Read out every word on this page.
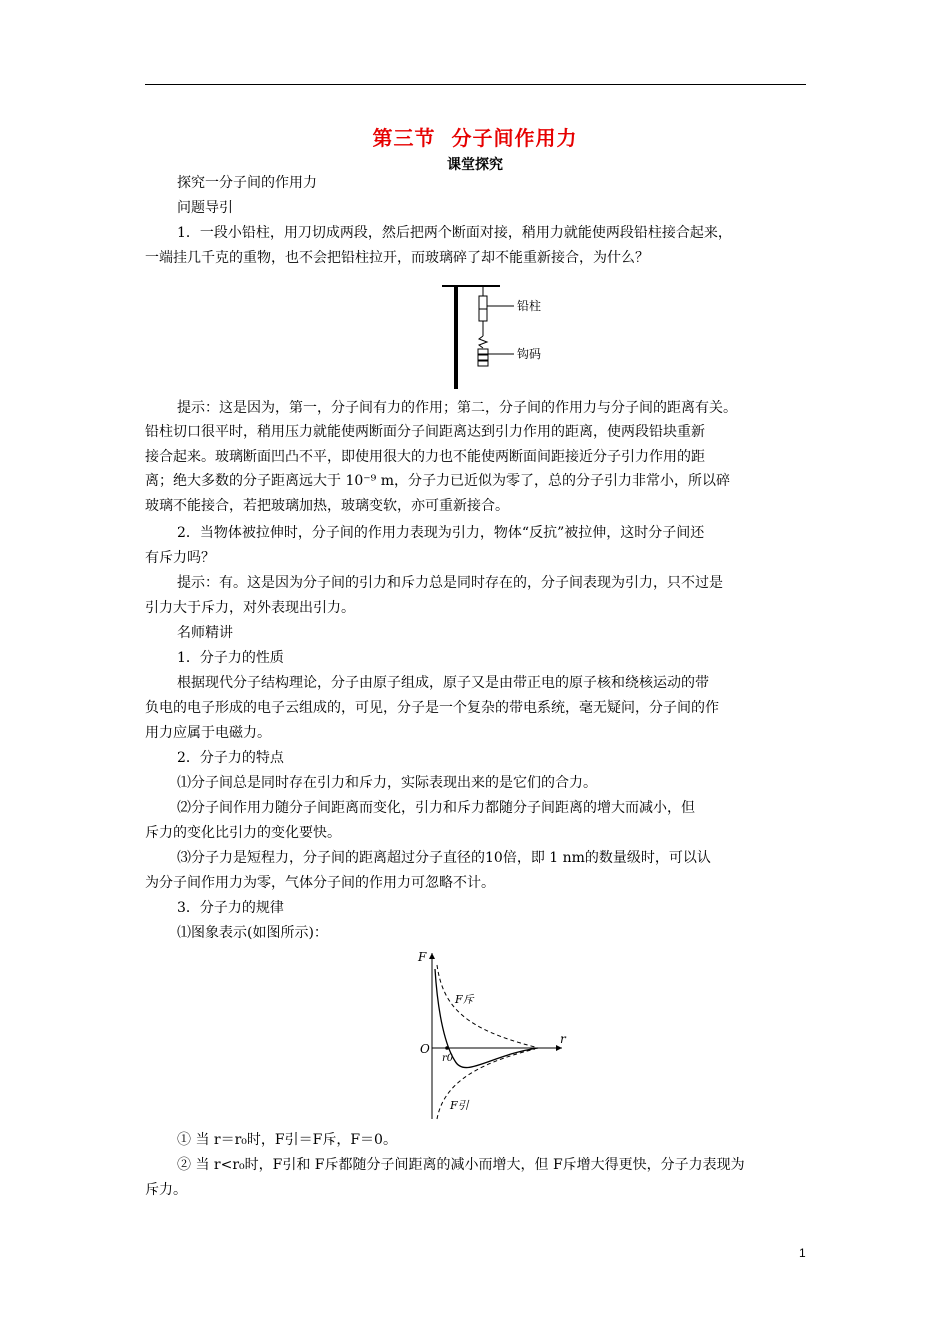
第三节  分子间作用力
课堂探究
探究一分子间的作用力
问题导引
1．一段小铅柱，用刀切成两段，然后把两个断面对接，稍用力就能使两段铅柱接合起来，
一端挂几千克的重物，也不会把铅柱拉开，而玻璃碎了却不能重新接合，为什么？
铅柱
钩码
提示：这是因为，第一，分子间有力的作用；第二，分子间的作用力与分子间的距离有关。
铅柱切口很平时，稍用压力就能使两断面分子间距离达到引力作用的距离，使两段铅块重新
接合起来。玻璃断面凹凸不平，即使用很大的力也不能使两断面间距接近分子引力作用的距
离；绝大多数的分子距离远大于 10⁻⁹ m，分子力已近似为零了，总的分子引力非常小，所以碎
玻璃不能接合，若把玻璃加热，玻璃变软，亦可重新接合。
2．当物体被拉伸时，分子间的作用力表现为引力，物体“反抗”被拉伸，这时分子间还
有斥力吗？
提示：有。这是因为分子间的引力和斥力总是同时存在的，分子间表现为引力，只不过是
引力大于斥力，对外表现出引力。
名师精讲
1．分子力的性质
根据现代分子结构理论，分子由原子组成，原子又是由带正电的原子核和绕核运动的带
负电的电子形成的电子云组成的，可见，分子是一个复杂的带电系统，毫无疑问，分子间的作
用力应属于电磁力。
2．分子力的特点
⑴分子间总是同时存在引力和斥力，实际表现出来的是它们的合力。
⑵分子间作用力随分子间距离而变化，引力和斥力都随分子间距离的增大而减小，但
斥力的变化比引力的变化要快。
⑶分子力是短程力，分子间的距离超过分子直径的10倍，即 1 nm的数量级时，可以认
为分子间作用力为零，气体分子间的作用力可忽略不计。
3．分子力的规律
⑴图象表示(如图所示)：
F
r
O
r0
F斥
F引
① 当 r＝r₀时，F引＝F斥，F＝0。
② 当 r<r₀时，F引和 F斥都随分子间距离的减小而增大，但 F斥增大得更快，分子力表现为
斥力。
1
